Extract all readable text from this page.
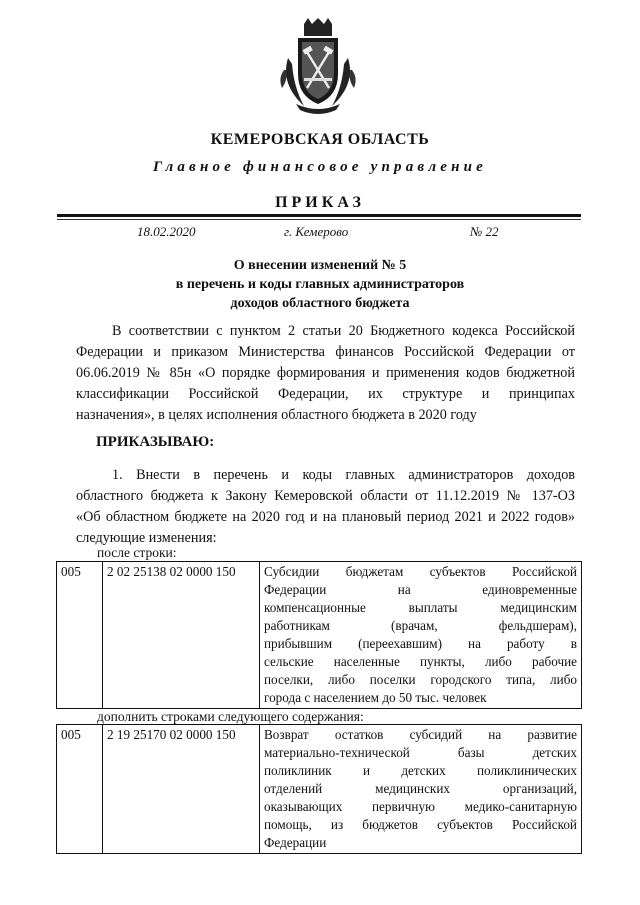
КЕМЕРОВСКАЯ ОБЛАСТЬ
Главное финансовое управление
ПРИКАЗ
18.02.2020	г. Кемерово	№ 22
О внесении изменений № 5
в перечень и коды главных администраторов
доходов областного бюджета
В соответствии с пунктом 2 статьи 20 Бюджетного кодекса Российской
Федерации и приказом Министерства финансов Российской Федерации от
06.06.2019 № 85н «О порядке формирования и применения кодов бюджетной
классификации Российской Федерации, их структуре и принципах
назначения», в целях исполнения областного бюджета в 2020 году
ПРИКАЗЫВАЮ:
1. Внести в перечень и коды главных администраторов доходов
областного бюджета к Закону Кемеровской области от 11.12.2019 № 137-ОЗ
«Об областном бюджете на 2020 год и на плановый период 2021 и 2022 годов»
следующие изменения:
после строки:
005	2 02 25138 02 0000 150	Субсидии бюджетам субъектов Российской
Федерации на единовременные
компенсационные выплаты медицинским
работникам (врачам, фельдшерам),
прибывшим (переехавшим) на работу в
сельские населенные пункты, либо рабочие
поселки, либо поселки городского типа, либо
города с населением до 50 тыс. человек
дополнить строками следующего содержания:
005	2 19 25170 02 0000 150	Возврат остатков субсидий на развитие
материально-технической базы детских
поликлиник и детских поликлинических
отделений медицинских организаций,
оказывающих первичную медико-санитарную
помощь, из бюджетов субъектов Российской
Федерации
